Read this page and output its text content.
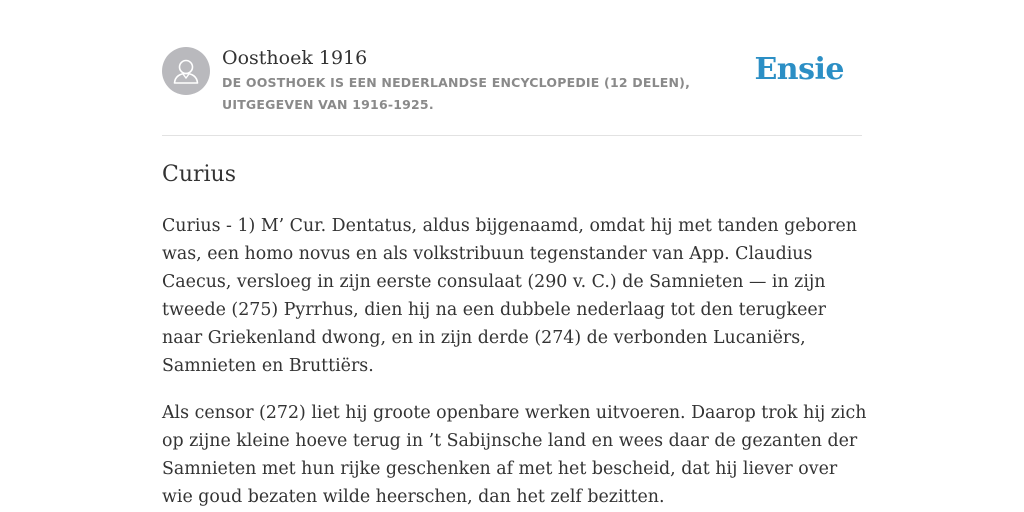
Oosthoek 1916
DE OOSTHOEK IS EEN NEDERLANDSE ENCYCLOPEDIE (12 DELEN), UITGEGEVEN VAN 1916-1925.
Ensie
Curius

Curius - 1) M’ Cur. Dentatus, aldus bijgenaamd, omdat hij met tanden geboren was, een homo novus en als volkstribuun tegenstander van App. Claudius Caecus, versloeg in zijn eerste consulaat (290 v. C.) de Samnieten — in zijn tweede (275) Pyrrhus, dien hij na een dubbele nederlaag tot den terugkeer naar Griekenland dwong, en in zijn derde (274) de verbonden Lucaniërs, Samnieten en Bruttiërs.

Als censor (272) liet hij groote openbare werken uitvoeren. Daarop trok hij zich op zijne kleine hoeve terug in ’t Sabijnsche land en wees daar de gezanten der Samnieten met hun rijke geschenken af met het bescheid, dat hij liever over wie goud bezaten wilde heerschen, dan het zelf bezitten.
